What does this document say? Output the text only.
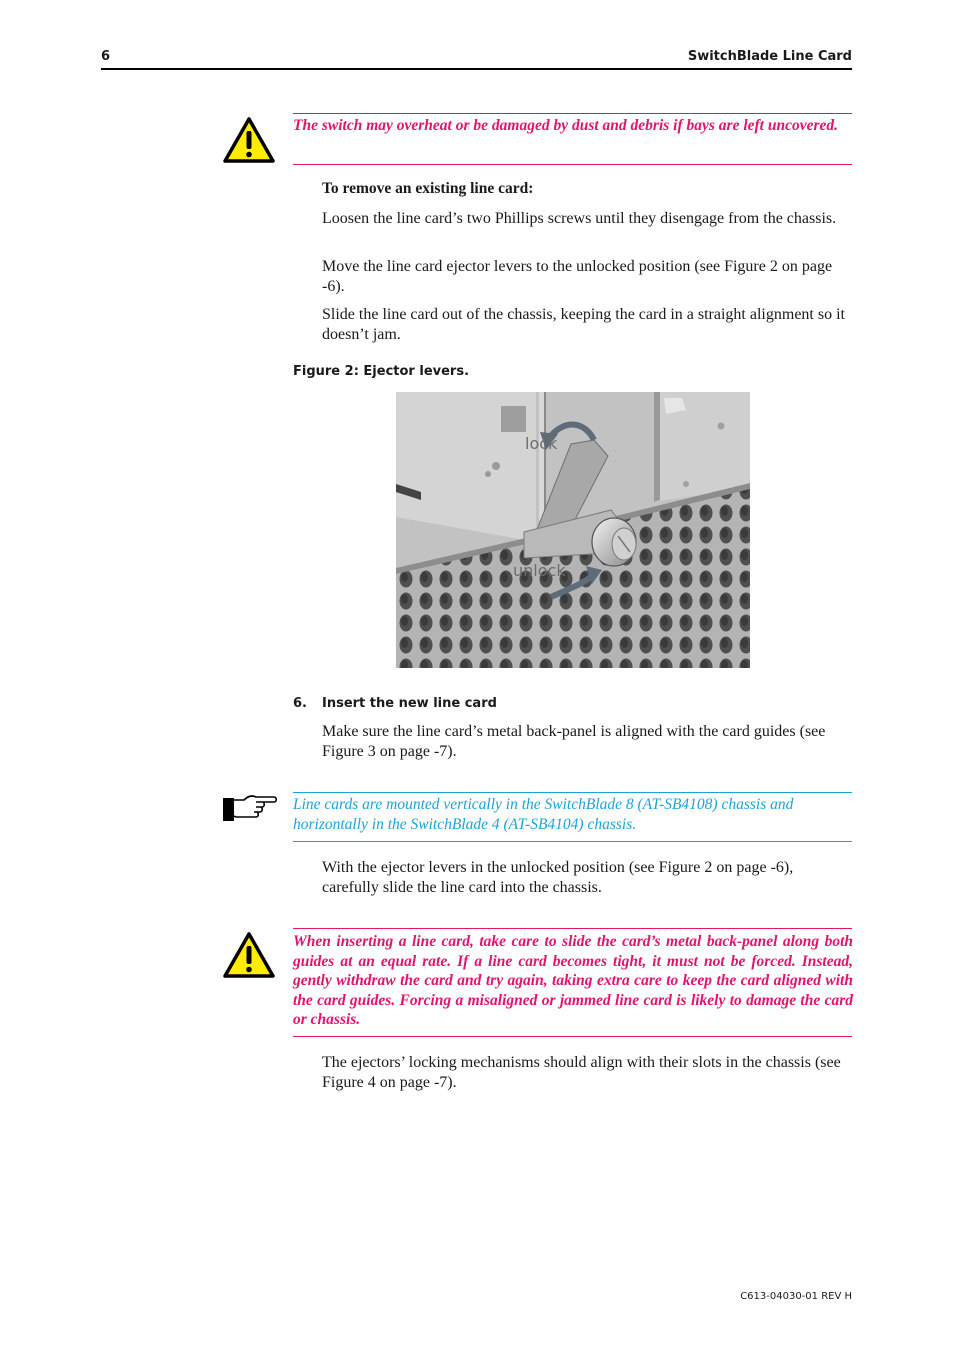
6	SwitchBlade Line Card
The switch may overheat or be damaged by dust and debris if bays are left uncovered.
To remove an existing line card:
Loosen the line card’s two Phillips screws until they disengage from the chassis.
Move the line card ejector levers to the unlocked position (see Figure 2 on page -6).
Slide the line card out of the chassis, keeping the card in a straight alignment so it doesn’t jam.
Figure 2: Ejector levers.
lock
unlock
6. Insert the new line card
Make sure the line card’s metal back-panel is aligned with the card guides (see Figure 3 on page -7).
Line cards are mounted vertically in the SwitchBlade 8 (AT-SB4108) chassis and horizontally in the SwitchBlade 4 (AT-SB4104) chassis.
With the ejector levers in the unlocked position (see Figure 2 on page -6), carefully slide the line card into the chassis.
When inserting a line card, take care to slide the card’s metal back-panel along both guides at an equal rate. If a line card becomes tight, it must not be forced. Instead, gently withdraw the card and try again, taking extra care to keep the card aligned with the card guides. Forcing a misaligned or jammed line card is likely to damage the card or chassis.
The ejectors’ locking mechanisms should align with their slots in the chassis (see Figure 4 on page -7).
C613-04030-01 REV H
